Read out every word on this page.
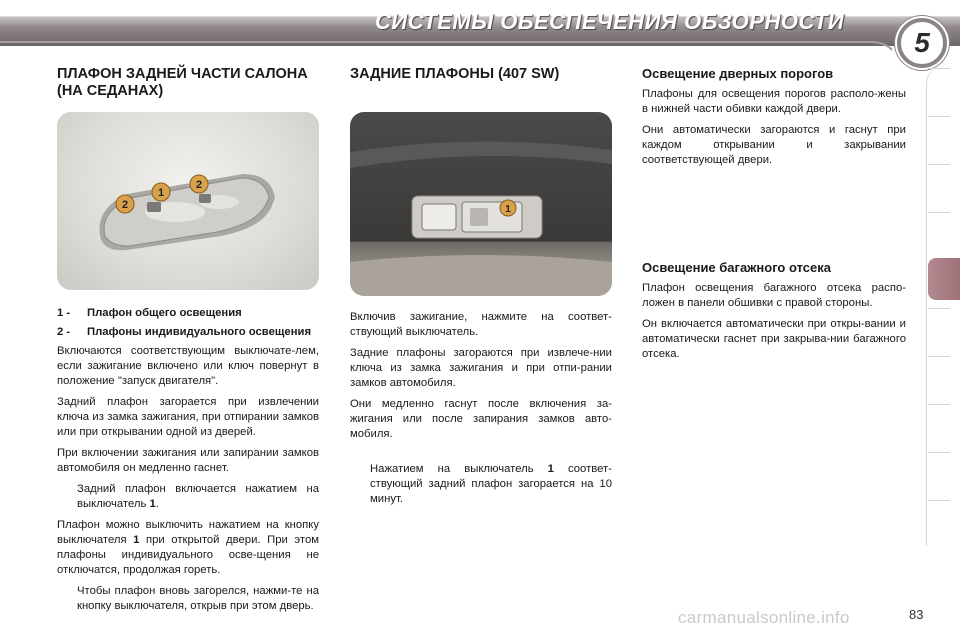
СИСТЕМЫ ОБЕСПЕЧЕНИЯ ОБЗОРНОСТИ
5
ПЛАФОН ЗАДНЕЙ ЧАСТИ САЛОНА (НА СЕДАНАХ)
2
1
2
1 -	Плафон общего освещения
2 -	Плафоны индивидуального освещения

Включаются соответствующим выключате-лем, если зажигание включено или ключ повернут в положение "запуск двигателя".

Задний плафон загорается при извлечении ключа из замка зажигания, при отпирании замков или при открывании одной из дверей.

При включении зажигания или запирании замков автомобиля он медленно гаснет.

Задний плафон включается нажатием на выключатель 1.

Плафон можно выключить нажатием на кнопку выключателя 1 при открытой двери. При этом плафоны индивидуального осве-щения не отключатся, продолжая гореть.

Чтобы плафон вновь загорелся, нажми-те на кнопку выключателя, открыв при этом дверь.
ЗАДНИЕ ПЛАФОНЫ (407 SW)
1

Включив зажигание, нажмите на соответ-ствующий выключатель.

Задние плафоны загораются при извлече-нии ключа из замка зажигания и при отпи-рании замков автомобиля.

Они медленно гаснут после включения за-жигания или после запирания замков авто-мобиля.

Нажатием на выключатель 1 соответ-ствующий задний плафон загорается на 10 минут.
Освещение дверных порогов

Плафоны для освещения порогов располо-жены в нижней части обивки каждой двери.

Они автоматически загораются и гаснут при каждом открывании и закрывании соответствующей двери.

Освещение багажного отсека

Плафон освещения багажного отсека распо-ложен в панели обшивки с правой стороны.

Он включается автоматически при откры-вании и автоматически гаснет при закрыва-нии багажного отсека.

carmanualsonline.info	83
